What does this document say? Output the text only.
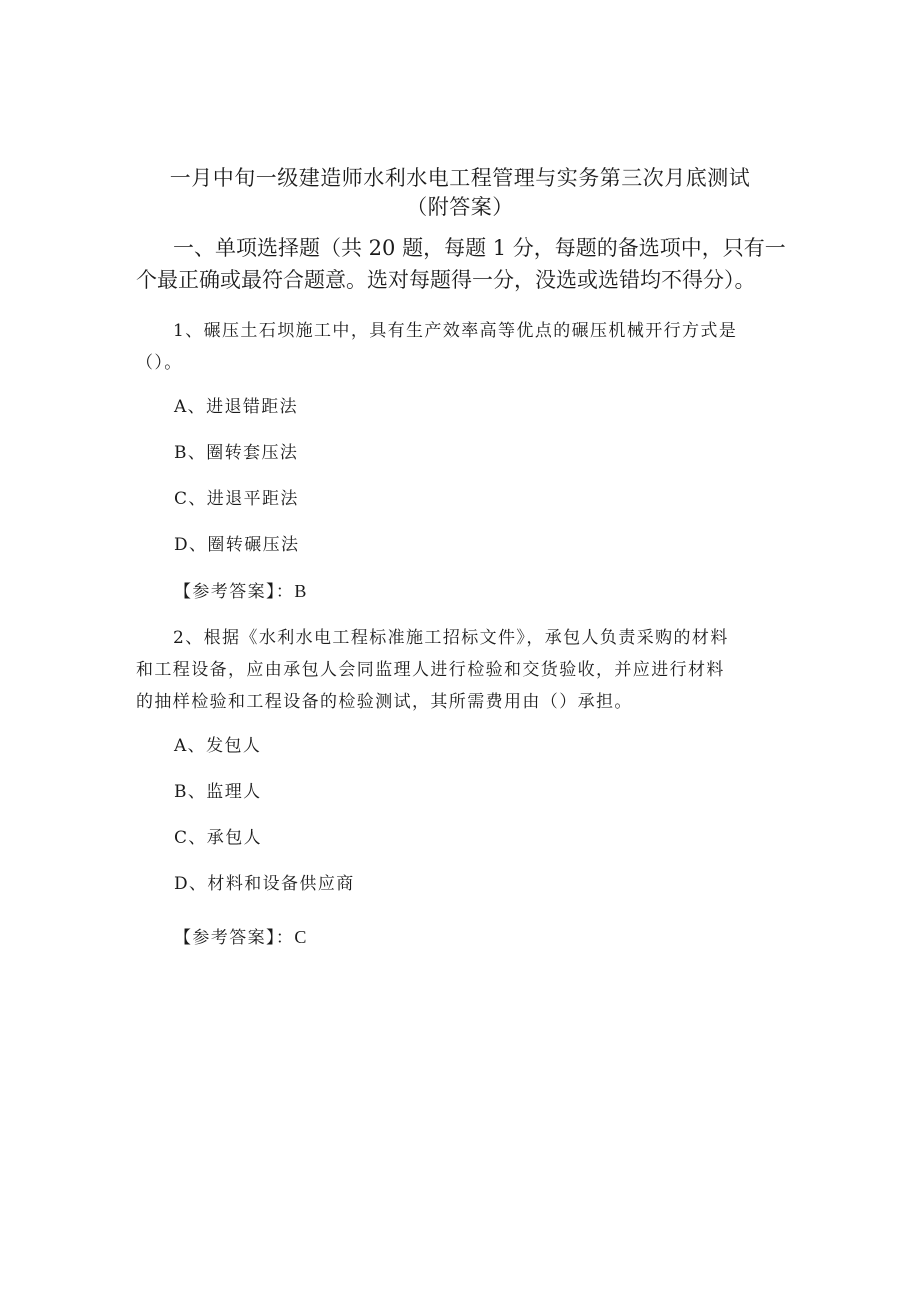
一月中旬一级建造师水利水电工程管理与实务第三次月底测试
（附答案）
一、单项选择题（共 20 题，每题 1 分，每题的备选项中，只有一
个最正确或最符合题意。选对每题得一分，没选或选错均不得分）。
1、碾压土石坝施工中，具有生产效率高等优点的碾压机械开行方式是
（）。
A、进退错距法
B、圈转套压法
C、进退平距法
D、圈转碾压法
【参考答案】：B
2、根据《水利水电工程标准施工招标文件》，承包人负责采购的材料
和工程设备，应由承包人会同监理人进行检验和交货验收，并应进行材料
的抽样检验和工程设备的检验测试，其所需费用由（）承担。
A、发包人
B、监理人
C、承包人
D、材料和设备供应商
【参考答案】：C
